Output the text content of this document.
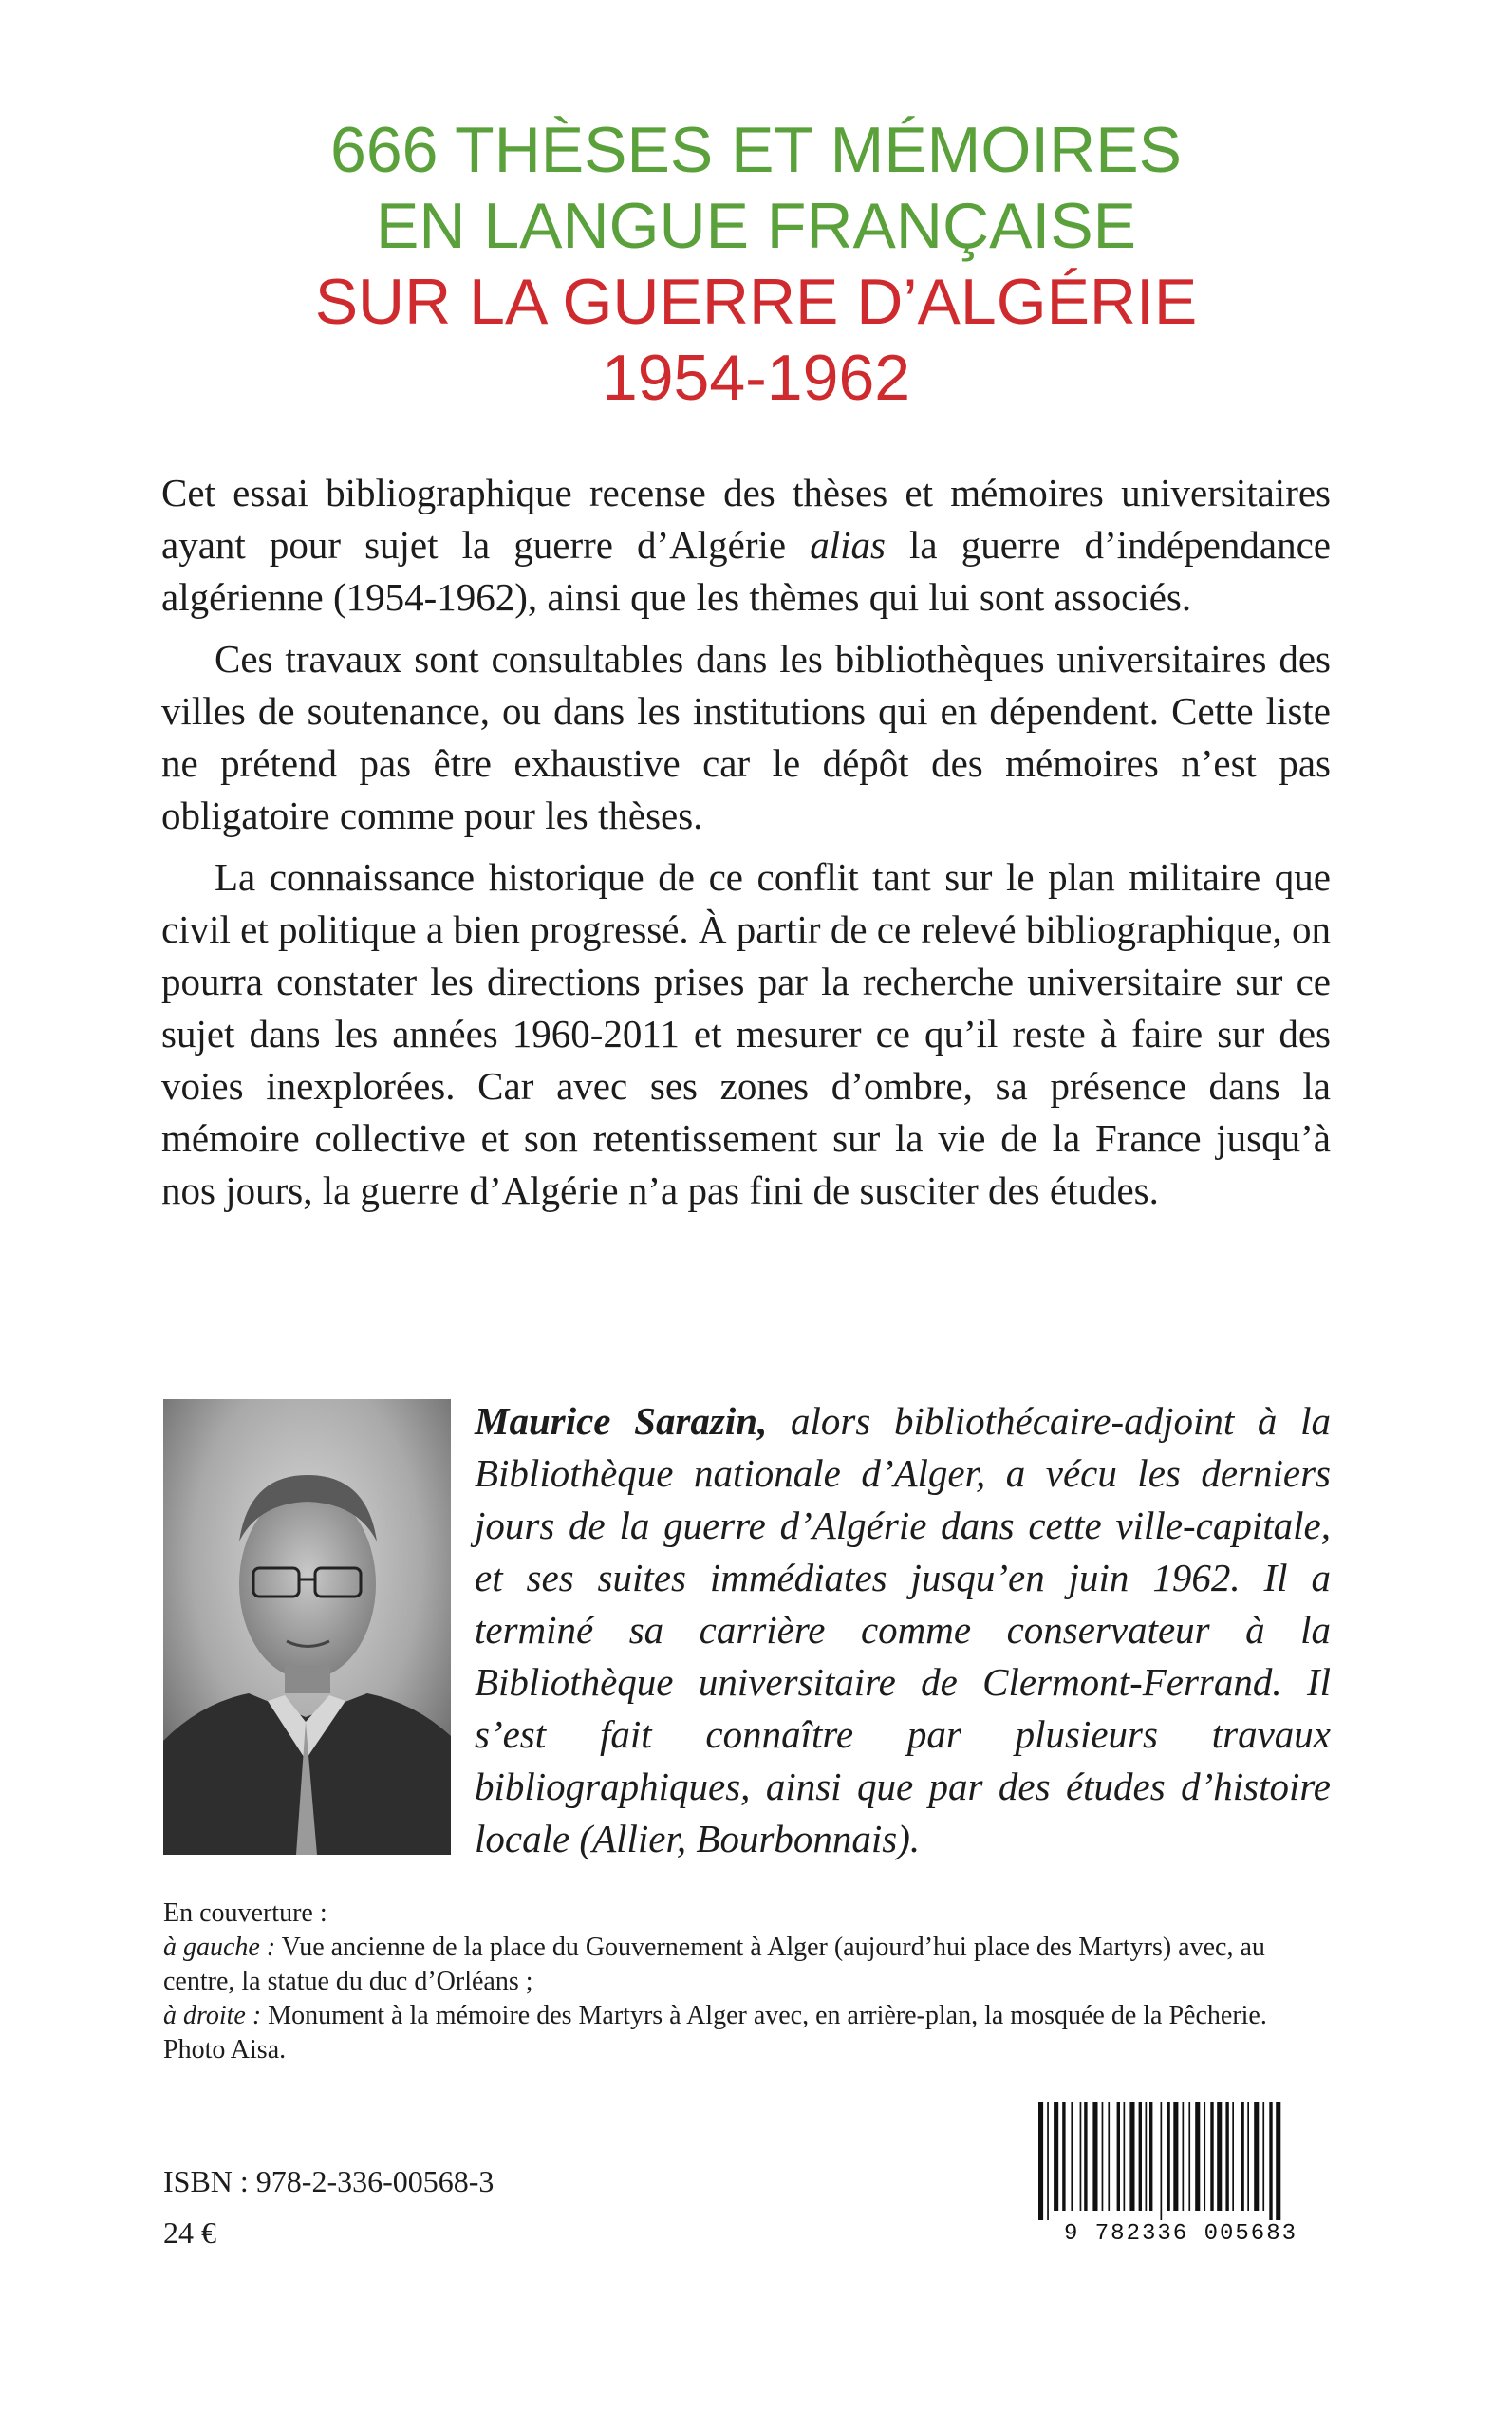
666 THÈSES ET MÉMOIRES
EN LANGUE FRANÇAISE
SUR LA GUERRE D’ALGÉRIE
1954-1962

Cet essai bibliographique recense des thèses et mémoires universitaires ayant pour sujet la guerre d’Algérie alias la guerre d’indépendance algérienne (1954-1962), ainsi que les thèmes qui lui sont associés.

Ces travaux sont consultables dans les bibliothèques universitaires des villes de soutenance, ou dans les institutions qui en dépendent. Cette liste ne prétend pas être exhaustive car le dépôt des mémoires n’est pas obligatoire comme pour les thèses.

La connaissance historique de ce conflit tant sur le plan militaire que civil et politique a bien progressé. À partir de ce relevé bibliographique, on pourra constater les directions prises par la recherche universitaire sur ce sujet dans les années 1960-2011 et mesurer ce qu’il reste à faire sur des voies inexplorées. Car avec ses zones d’ombre, sa présence dans la mémoire collective et son retentissement sur la vie de la France jusqu’à nos jours, la guerre d’Algérie n’a pas fini de susciter des études.

Maurice Sarazin, alors bibliothécaire-adjoint à la Bibliothèque nationale d’Alger, a vécu les derniers jours de la guerre d’Algérie dans cette ville-capitale, et ses suites immédiates jusqu’en juin 1962. Il a terminé sa carrière comme conservateur à la Bibliothèque universitaire de Clermont-Ferrand. Il s’est fait connaître par plusieurs travaux bibliographiques, ainsi que par des études d’histoire locale (Allier, Bourbonnais).
En couverture :
à gauche : Vue ancienne de la place du Gouvernement à Alger (aujourd’hui place des Martyrs) avec, au centre, la statue du duc d’Orléans ;
à droite : Monument à la mémoire des Martyrs à Alger avec, en arrière-plan, la mosquée de la Pêcherie. Photo Aisa.
ISBN : 978-2-336-00568-3
24 €	9 782336 005683
